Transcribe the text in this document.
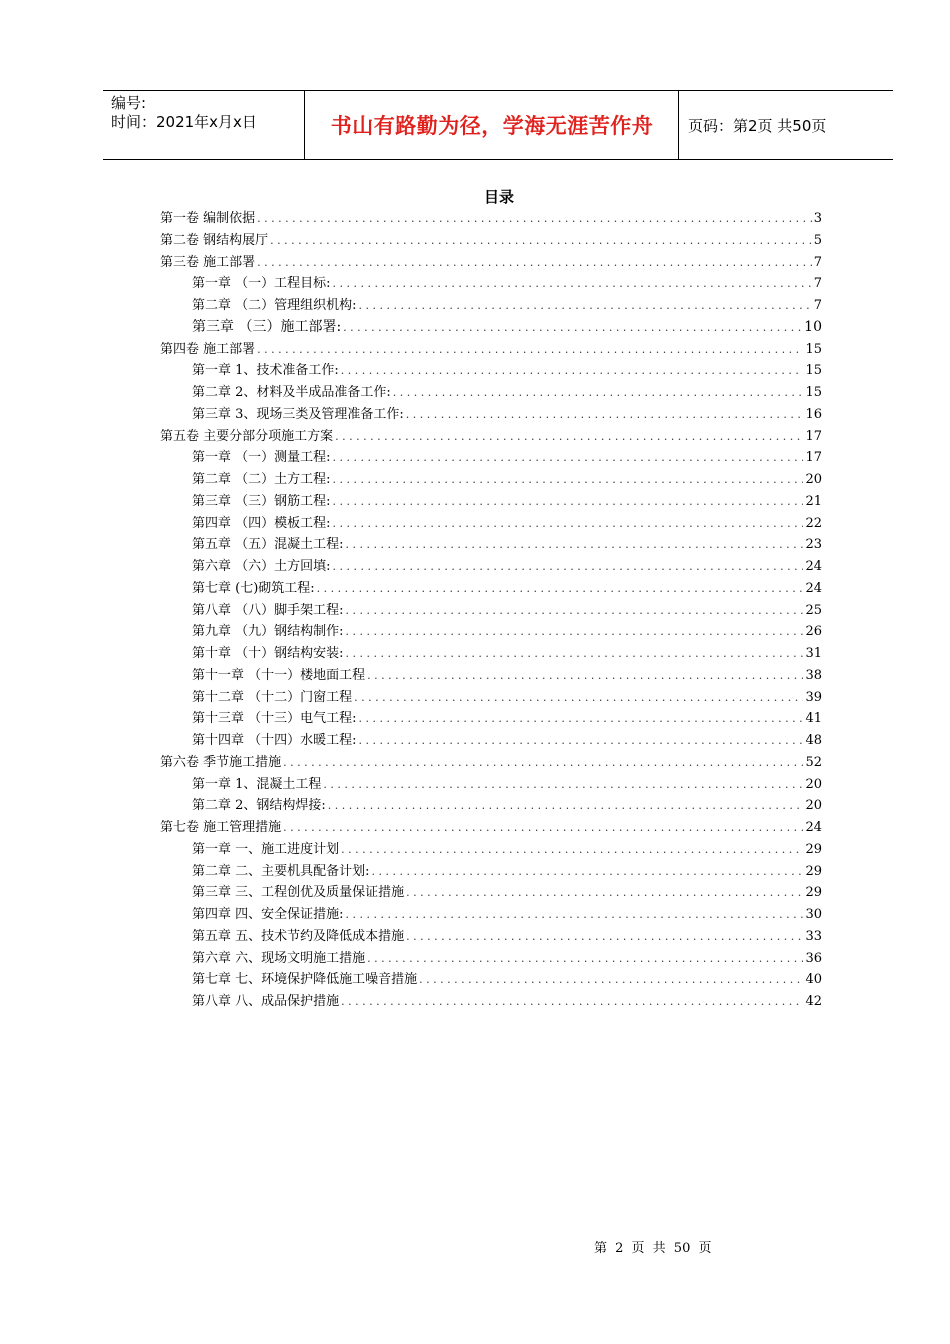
编号:
时间：2021年x月x日	书山有路勤为径，学海无涯苦作舟	页码：第2页 共50页
目录
第一卷 编制依据 . . .	3
第二卷 钢结构展厅 . . .	5
第三卷 施工部署 . . .	7
第一章 （一）工程目标: . . .	7
第二章 （二）管理组织机构: . . .	7
第三章 （三）施工部署: . . .	10
第四卷 施工部署 . . .	15
第一章 1、技术准备工作: . . .	15
第二章 2、材料及半成品准备工作: . . .	15
第三章 3、现场三类及管理准备工作: . . .	16
第五卷 主要分部分项施工方案 . . .	17
第一章 （一）测量工程: . . .	17
第二章 （二）土方工程: . . .	20
第三章 （三）钢筋工程: . . .	21
第四章 （四）模板工程: . . .	22
第五章 （五）混凝土工程: . . .	23
第六章 （六）土方回填: . . .	24
第七章 (七)砌筑工程: . . .	24
第八章 （八）脚手架工程: . . .	25
第九章 （九）钢结构制作: . . .	26
第十章 （十）钢结构安装: . . .	31
第十一章 （十一）楼地面工程 . . .	38
第十二章 （十二）门窗工程 . . .	39
第十三章 （十三）电气工程: . . .	41
第十四章 （十四）水暖工程: . . .	48
第六卷 季节施工措施 . . .	52
第一章 1、混凝土工程 . . .	20
第二章 2、钢结构焊接: . . .	20
第七卷 施工管理措施 . . .	24
第一章 一、施工进度计划 . . .	29
第二章 二、主要机具配备计划: . . .	29
第三章 三、工程创优及质量保证措施 . . .	29
第四章 四、安全保证措施: . . .	30
第五章 五、技术节约及降低成本措施 . . .	33
第六章 六、现场文明施工措施 . . .	36
第七章 七、环境保护降低施工噪音措施 . . .	40
第八章 八、成品保护措施 . . .	42
第 2 页 共 50 页
